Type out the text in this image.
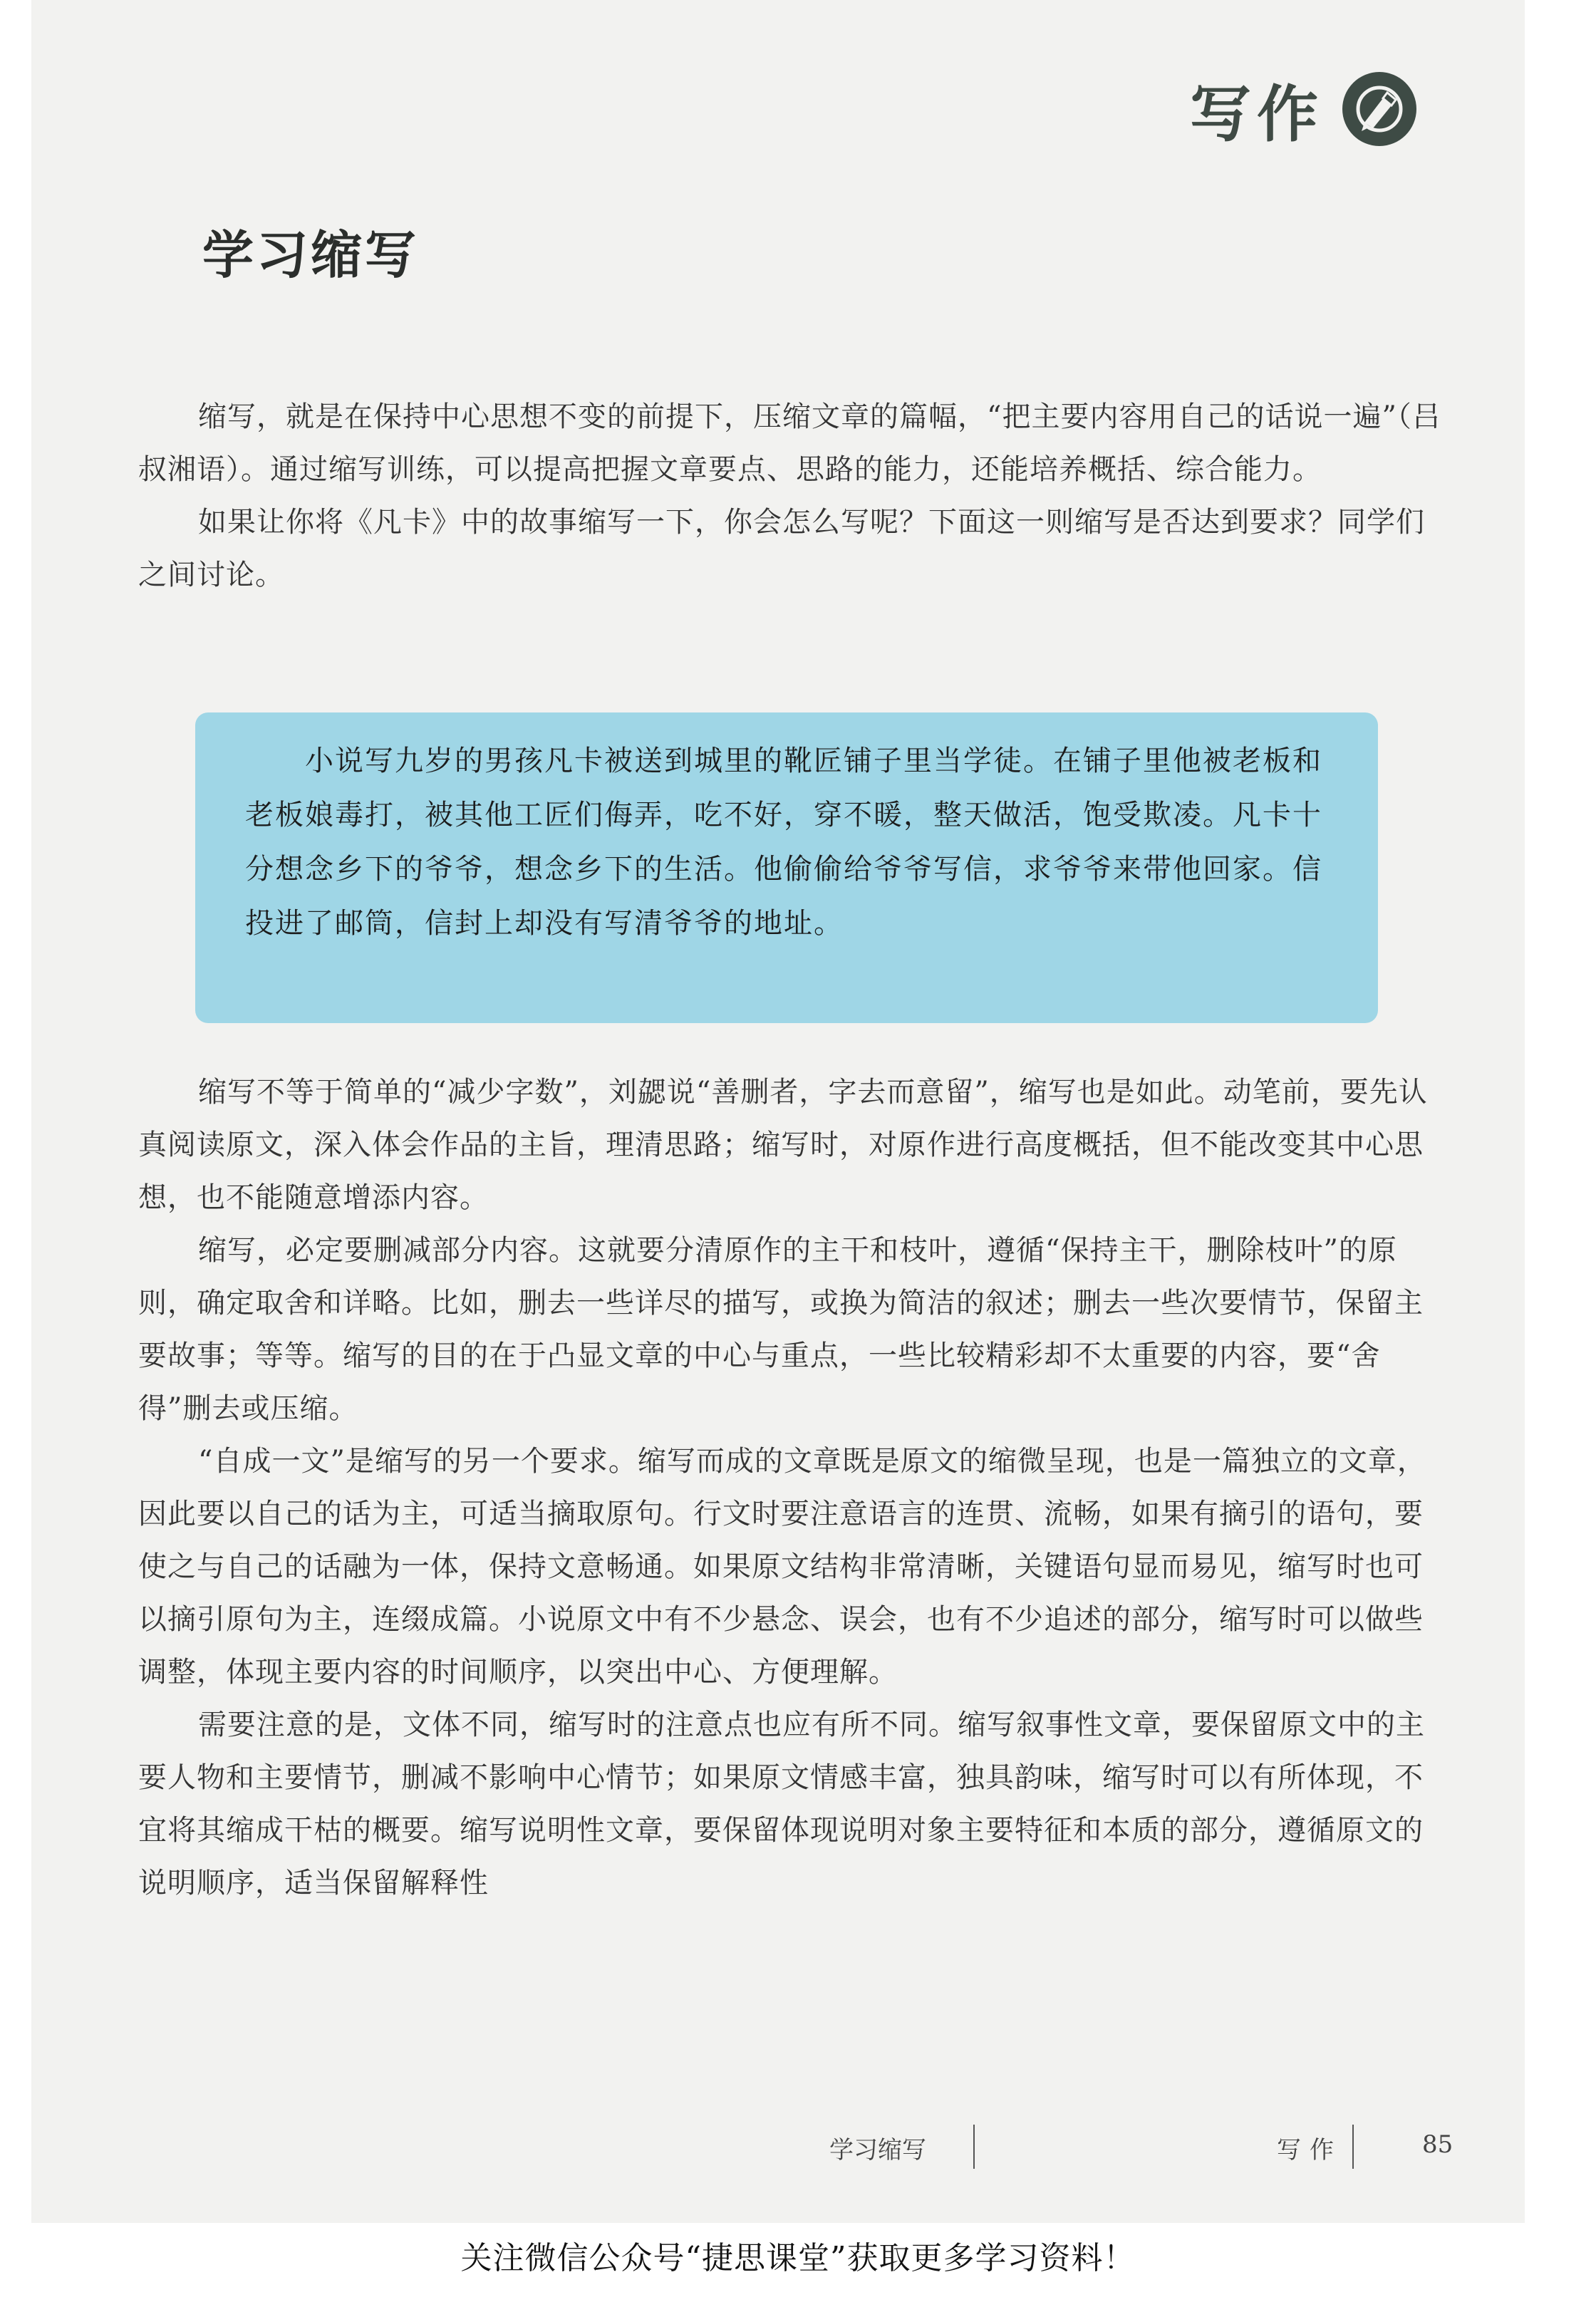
写作
学习缩写

缩写，就是在保持中心思想不变的前提下，压缩文章的篇幅，“把主要内容用自己的话说一遍”（吕叔湘语）。通过缩写训练，可以提高把握文章要点、思路的能力，还能培养概括、综合能力。

如果让你将《凡卡》中的故事缩写一下，你会怎么写呢？下面这一则缩写是否达到要求？同学们之间讨论。

小说写九岁的男孩凡卡被送到城里的靴匠铺子里当学徒。在铺子里他被老板和老板娘毒打，被其他工匠们侮弄，吃不好，穿不暖，整天做活，饱受欺凌。凡卡十分想念乡下的爷爷，想念乡下的生活。他偷偷给爷爷写信，求爷爷来带他回家。信投进了邮筒，信封上却没有写清爷爷的地址。

缩写不等于简单的“减少字数”，刘勰说“善删者，字去而意留”，缩写也是如此。动笔前，要先认真阅读原文，深入体会作品的主旨，理清思路；缩写时，对原作进行高度概括，但不能改变其中心思想，也不能随意增添内容。

缩写，必定要删减部分内容。这就要分清原作的主干和枝叶，遵循“保持主干，删除枝叶”的原则，确定取舍和详略。比如，删去一些详尽的描写，或换为简洁的叙述；删去一些次要情节，保留主要故事；等等。缩写的目的在于凸显文章的中心与重点，一些比较精彩却不太重要的内容，要“舍得”删去或压缩。

“自成一文”是缩写的另一个要求。缩写而成的文章既是原文的缩微呈现，也是一篇独立的文章，因此要以自己的话为主，可适当摘取原句。行文时要注意语言的连贯、流畅，如果有摘引的语句，要使之与自己的话融为一体，保持文意畅通。如果原文结构非常清晰，关键语句显而易见，缩写时也可以摘引原句为主，连缀成篇。小说原文中有不少悬念、误会，也有不少追述的部分，缩写时可以做些调整，体现主要内容的时间顺序，以突出中心、方便理解。

需要注意的是，文体不同，缩写时的注意点也应有所不同。缩写叙事性文章，要保留原文中的主要人物和主要情节，删减不影响中心情节；如果原文情感丰富，独具韵味，缩写时可以有所体现，不宜将其缩成干枯的概要。缩写说明性文章，要保留体现说明对象主要特征和本质的部分，遵循原文的说明顺序，适当保留解释性

学习缩写	写作	85
关注微信公众号“捷思课堂”获取更多学习资料！
